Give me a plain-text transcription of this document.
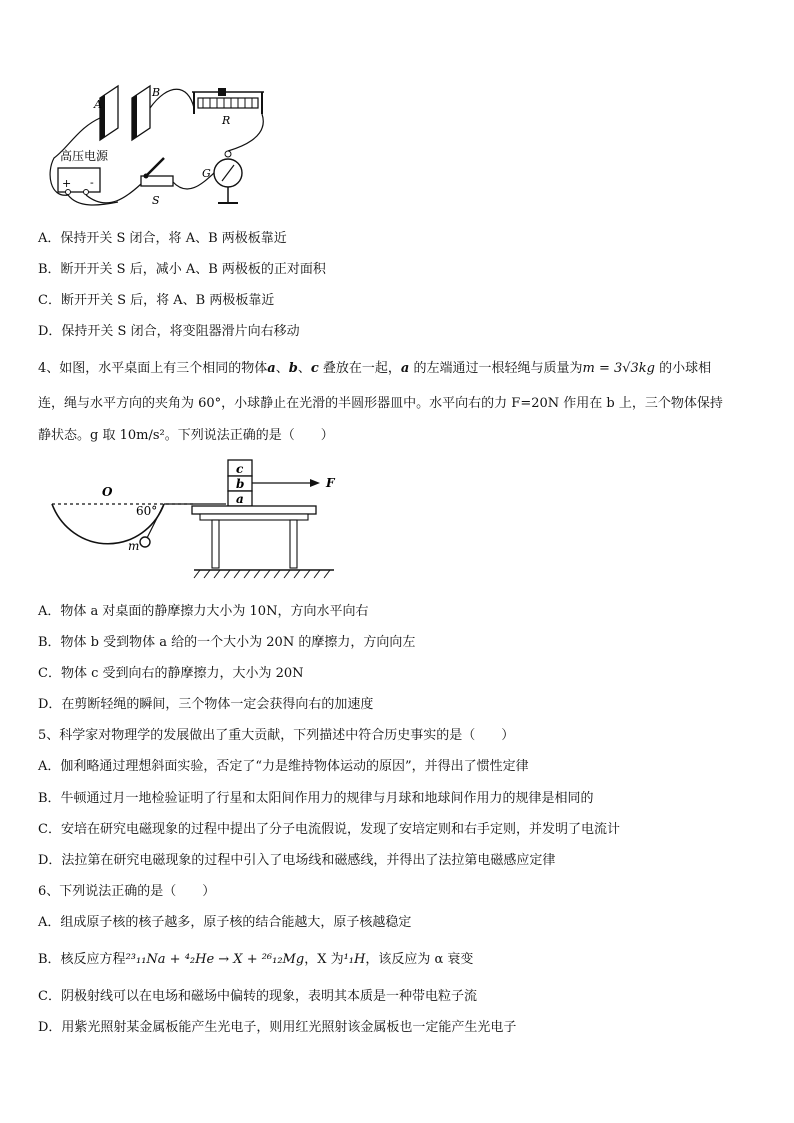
A
B
R
G
+ -
高压电源
S
A．保持开关 S 闭合，将 A、B 两极板靠近
B．断开开关 S 后，减小 A、B 两极板的正对面积
C．断开开关 S 后，将 A、B 两极板靠近
D．保持开关 S 闭合，将变阻器滑片向右移动
4、如图，水平桌面上有三个相同的物体a、b、c 叠放在一起，a 的左端通过一根轻绳与质量为m = 3√3kg 的小球相
连，绳与水平方向的夹角为 60°，小球静止在光滑的半圆形器皿中。水平向右的力 F=20N 作用在 b 上，三个物体保持
静状态。g 取 10m/s²。下列说法正确的是（　　）
O
60°
m
c
b
a
F
A．物体 a 对桌面的静摩擦力大小为 10N，方向水平向右
B．物体 b 受到物体 a 给的一个大小为 20N 的摩擦力，方向向左
C．物体 c 受到向右的静摩擦力，大小为 20N
D．在剪断轻绳的瞬间，三个物体一定会获得向右的加速度
5、科学家对物理学的发展做出了重大贡献，下列描述中符合历史事实的是（　　）
A．伽利略通过理想斜面实验，否定了“力是维持物体运动的原因”，并得出了惯性定律
B．牛顿通过月一地检验证明了行星和太阳间作用力的规律与月球和地球间作用力的规律是相同的
C．安培在研究电磁现象的过程中提出了分子电流假说，发现了安培定则和右手定则，并发明了电流计
D．法拉第在研究电磁现象的过程中引入了电场线和磁感线，并得出了法拉第电磁感应定律
6、下列说法正确的是（　　）
A．组成原子核的核子越多，原子核的结合能越大，原子核越稳定
B．核反应方程²³₁₁Na + ⁴₂He → X + ²⁶₁₂Mg，X 为¹₁H，该反应为 α 衰变
C．阴极射线可以在电场和磁场中偏转的现象，表明其本质是一种带电粒子流
D．用紫光照射某金属板能产生光电子，则用红光照射该金属板也一定能产生光电子
